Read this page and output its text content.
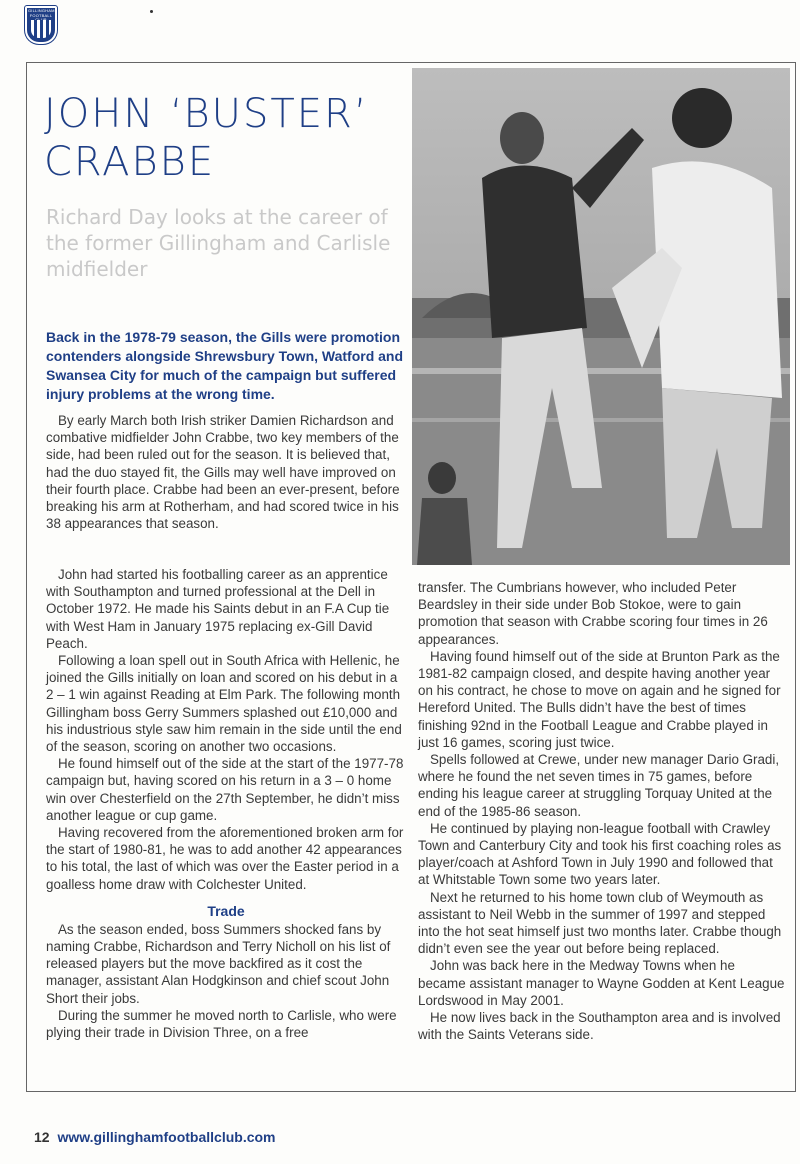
GILLINGHAM FOOTBALL
JOHN ‘BUSTER’ CRABBE

Richard Day looks at the career of the former Gillingham and Carlisle midfielder

Back in the 1978-79 season, the Gills were promotion contenders alongside Shrewsbury Town, Watford and Swansea City for much of the campaign but suffered injury problems at the wrong time.

By early March both Irish striker Damien Richardson and combative midfielder John Crabbe, two key members of the side, had been ruled out for the season. It is believed that, had the duo stayed fit, the Gills may well have improved on their fourth place. Crabbe had been an ever-present, before breaking his arm at Rotherham, and had scored twice in his 38 appearances that season.

John had started his footballing career as an apprentice with Southampton and turned professional at the Dell in October 1972. He made his Saints debut in an F.A Cup tie with West Ham in January 1975 replacing ex-Gill David Peach.

Following a loan spell out in South Africa with Hellenic, he joined the Gills initially on loan and scored on his debut in a 2 – 1 win against Reading at Elm Park. The following month Gillingham boss Gerry Summers splashed out £10,000 and his industrious style saw him remain in the side until the end of the season, scoring on another two occasions.

He found himself out of the side at the start of the 1977-78 campaign but, having scored on his return in a 3 – 0 home win over Chesterfield on the 27th September, he didn’t miss another league or cup game.

Having recovered from the aforementioned broken arm for the start of 1980-81, he was to add another 42 appearances to his total, the last of which was over the Easter period in a goalless home draw with Colchester United.

Trade

As the season ended, boss Summers shocked fans by naming Crabbe, Richardson and Terry Nicholl on his list of released players but the move backfired as it cost the manager, assistant Alan Hodgkinson and chief scout John Short their jobs.

During the summer he moved north to Carlisle, who were plying their trade in Division Three, on a free

transfer. The Cumbrians however, who included Peter Beardsley in their side under Bob Stokoe, were to gain promotion that season with Crabbe scoring four times in 26 appearances.

Having found himself out of the side at Brunton Park as the 1981-82 campaign closed, and despite having another year on his contract, he chose to move on again and he signed for Hereford United. The Bulls didn’t have the best of times finishing 92nd in the Football League and Crabbe played in just 16 games, scoring just twice.

Spells followed at Crewe, under new manager Dario Gradi, where he found the net seven times in 75 games, before ending his league career at struggling Torquay United at the end of the 1985-86 season.

He continued by playing non-league football with Crawley Town and Canterbury City and took his first coaching roles as player/coach at Ashford Town in July 1990 and followed that at Whitstable Town some two years later.

Next he returned to his home town club of Weymouth as assistant to Neil Webb in the summer of 1997 and stepped into the hot seat himself just two months later. Crabbe though didn’t even see the year out before being replaced.

John was back here in the Medway Towns when he became assistant manager to Wayne Godden at Kent League Lordswood in May 2001.

He now lives back in the Southampton area and is involved with the Saints Veterans side.

12 www.gillinghamfootballclub.com
